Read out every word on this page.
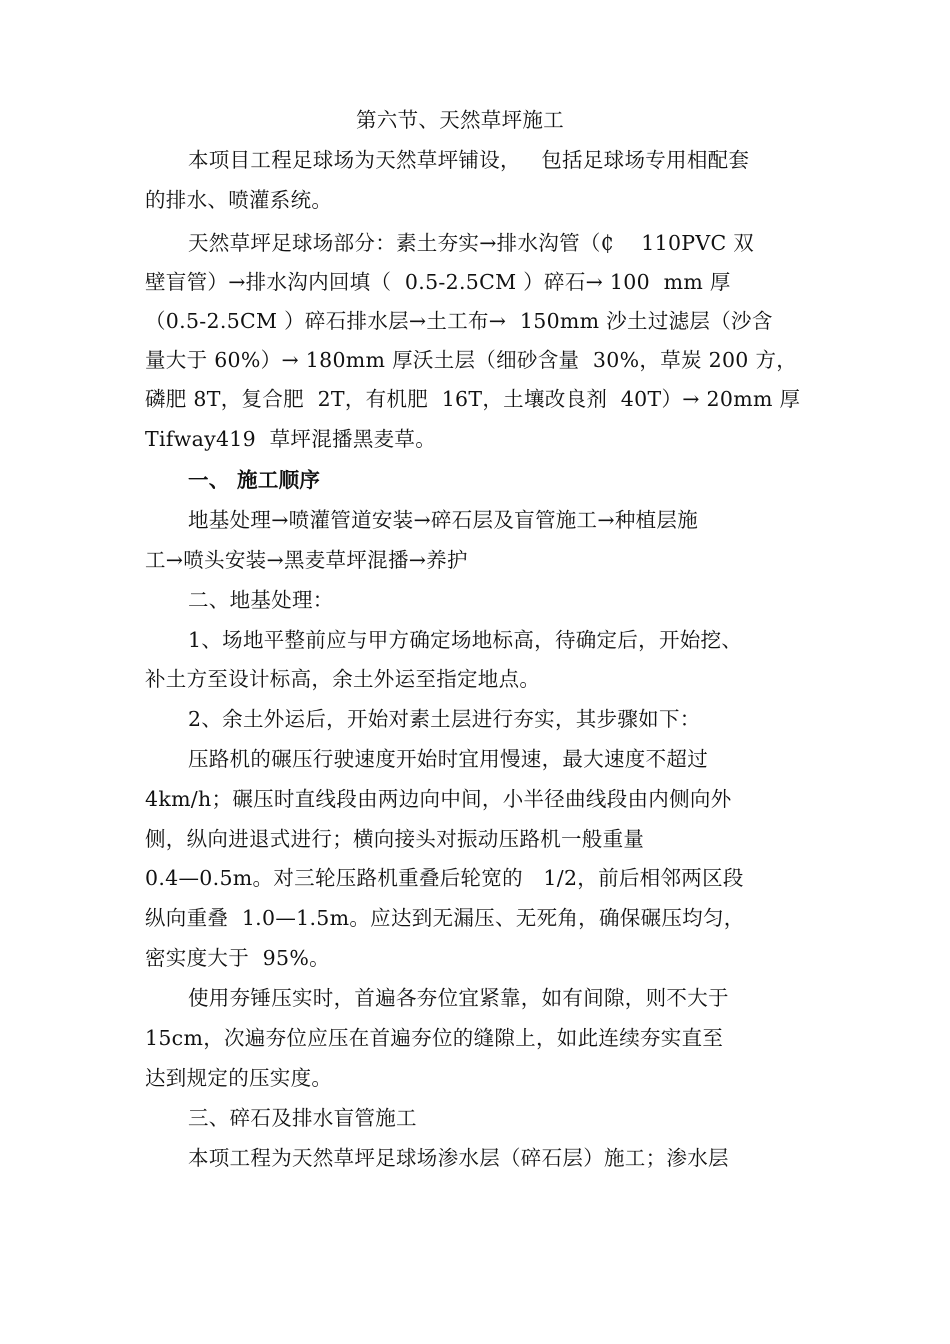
第六节、天然草坪施工
本项目工程足球场为天然草坪铺设，   包括足球场专用相配套
的排水、喷灌系统。
天然草坪足球场部分：素土夯实→排水沟管（₵    110PVC 双
壁盲管）→排水沟内回填（  0.5-2.5CM ）碎石→ 100  mm 厚
（0.5-2.5CM ）碎石排水层→土工布→  150mm 沙土过滤层（沙含
量大于 60%）→ 180mm 厚沃土层（细砂含量  30%，草炭 200 方，
磷肥 8T，复合肥  2T，有机肥  16T，土壤改良剂  40T）→ 20mm 厚
Tifway419  草坪混播黑麦草。
一、 施工顺序
地基处理→喷灌管道安装→碎石层及盲管施工→种植层施
工→喷头安装→黑麦草坪混播→养护
二、地基处理：
1、场地平整前应与甲方确定场地标高，待确定后，开始挖、
补土方至设计标高，余土外运至指定地点。
2、余土外运后，开始对素土层进行夯实，其步骤如下：
压路机的碾压行驶速度开始时宜用慢速，最大速度不超过
4km/h；碾压时直线段由两边向中间，小半径曲线段由内侧向外
侧，纵向进退式进行；横向接头对振动压路机一般重量
0.4—0.5m。对三轮压路机重叠后轮宽的   1/2，前后相邻两区段
纵向重叠  1.0—1.5m。应达到无漏压、无死角，确保碾压均匀，
密实度大于  95%。
使用夯锤压实时，首遍各夯位宜紧靠，如有间隙，则不大于
15cm，次遍夯位应压在首遍夯位的缝隙上，如此连续夯实直至
达到规定的压实度。
三、碎石及排水盲管施工
本项工程为天然草坪足球场渗水层（碎石层）施工；渗水层
